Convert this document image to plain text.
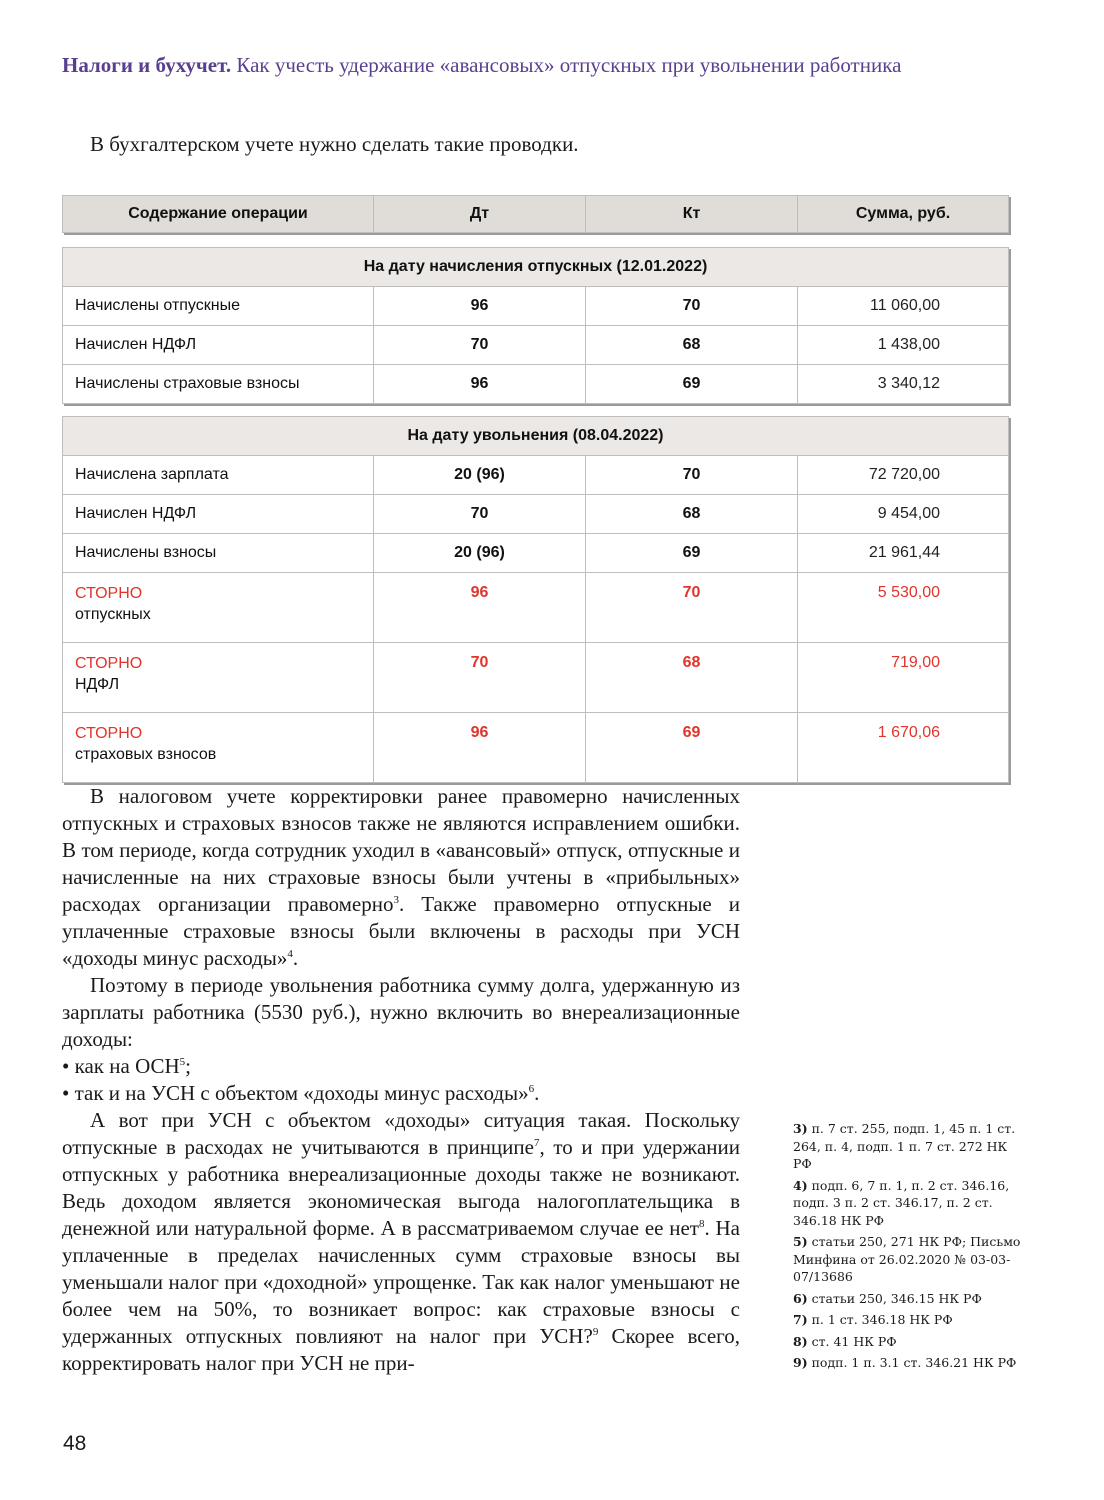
Налоги и бухучет. Как учесть удержание «авансовых» отпускных при увольнении работника
В бухгалтерском учете нужно сделать такие проводки.
Содержание операции	Дт	Кт	Сумма, руб.
На дату начисления отпускных (12.01.2022)			
Начислены отпускные	96	70	11 060,00
Начислен НДФЛ	70	68	1 438,00
Начислены страховые взносы	96	69	3 340,12
На дату увольнения (08.04.2022)			
Начислена зарплата	20 (96)	70	72 720,00
Начислен НДФЛ	70	68	9 454,00
Начислены взносы	20 (96)	69	21 961,44

СТОРНО
отпускных	96	70	5 530,00

СТОРНО
НДФЛ	70	68	719,00

СТОРНО
страховых взносов	96	69	1 670,06

В налоговом учете корректировки ранее правомерно начисленных отпускных и страховых взносов также не являются исправлением ошибки. В том периоде, когда сотрудник уходил в «авансовый» отпуск, отпускные и начисленные на них страховые взносы были учтены в «прибыльных» расходах организации правомерно$^3$. Также правомерно отпускные и уплаченные страховые взносы были включены в расходы при УСН «доходы минус расходы»$^4$.

Поэтому в периоде увольнения работника сумму долга, удержанную из зарплаты работника (5530 руб.), нужно включить во внереализационные доходы:

• как на ОСН$^5$;

• так и на УСН с объектом «доходы минус расходы»$^6$.

А вот при УСН с объектом «доходы» ситуация такая. Поскольку отпускные в расходах не учитываются в принципе$^7$, то и при удержании отпускных у работника внереализационные доходы также не возникают. Ведь доходом является экономическая выгода налогоплательщика в денежной или натуральной форме. А в рассматриваемом случае ее нет$^8$. На уплаченные в пределах начисленных сумм страховые взносы вы уменьшали налог при «доходной» упрощенке. Так как налог уменьшают не более чем на 50%, то возникает вопрос: как страховые взносы с удержанных отпускных повлияют на налог при УСН?$^9$ Скорее всего, корректировать налог при УСН не при-

3) п. 7 ст. 255, подп. 1, 45 п. 1 ст. 264, п. 4, подп. 1 п. 7 ст. 272 НК РФ
4) подп. 6, 7 п. 1, п. 2 ст. 346.16, подп. 3 п. 2 ст. 346.17, п. 2 ст. 346.18 НК РФ
5) статьи 250, 271 НК РФ; Письмо Минфина от 26.02.2020 № 03-03-07/13686
6) статьи 250, 346.15 НК РФ
7) п. 1 ст. 346.18 НК РФ
8) ст. 41 НК РФ
9) подп. 1 п. 3.1 ст. 346.21 НК РФ
48
